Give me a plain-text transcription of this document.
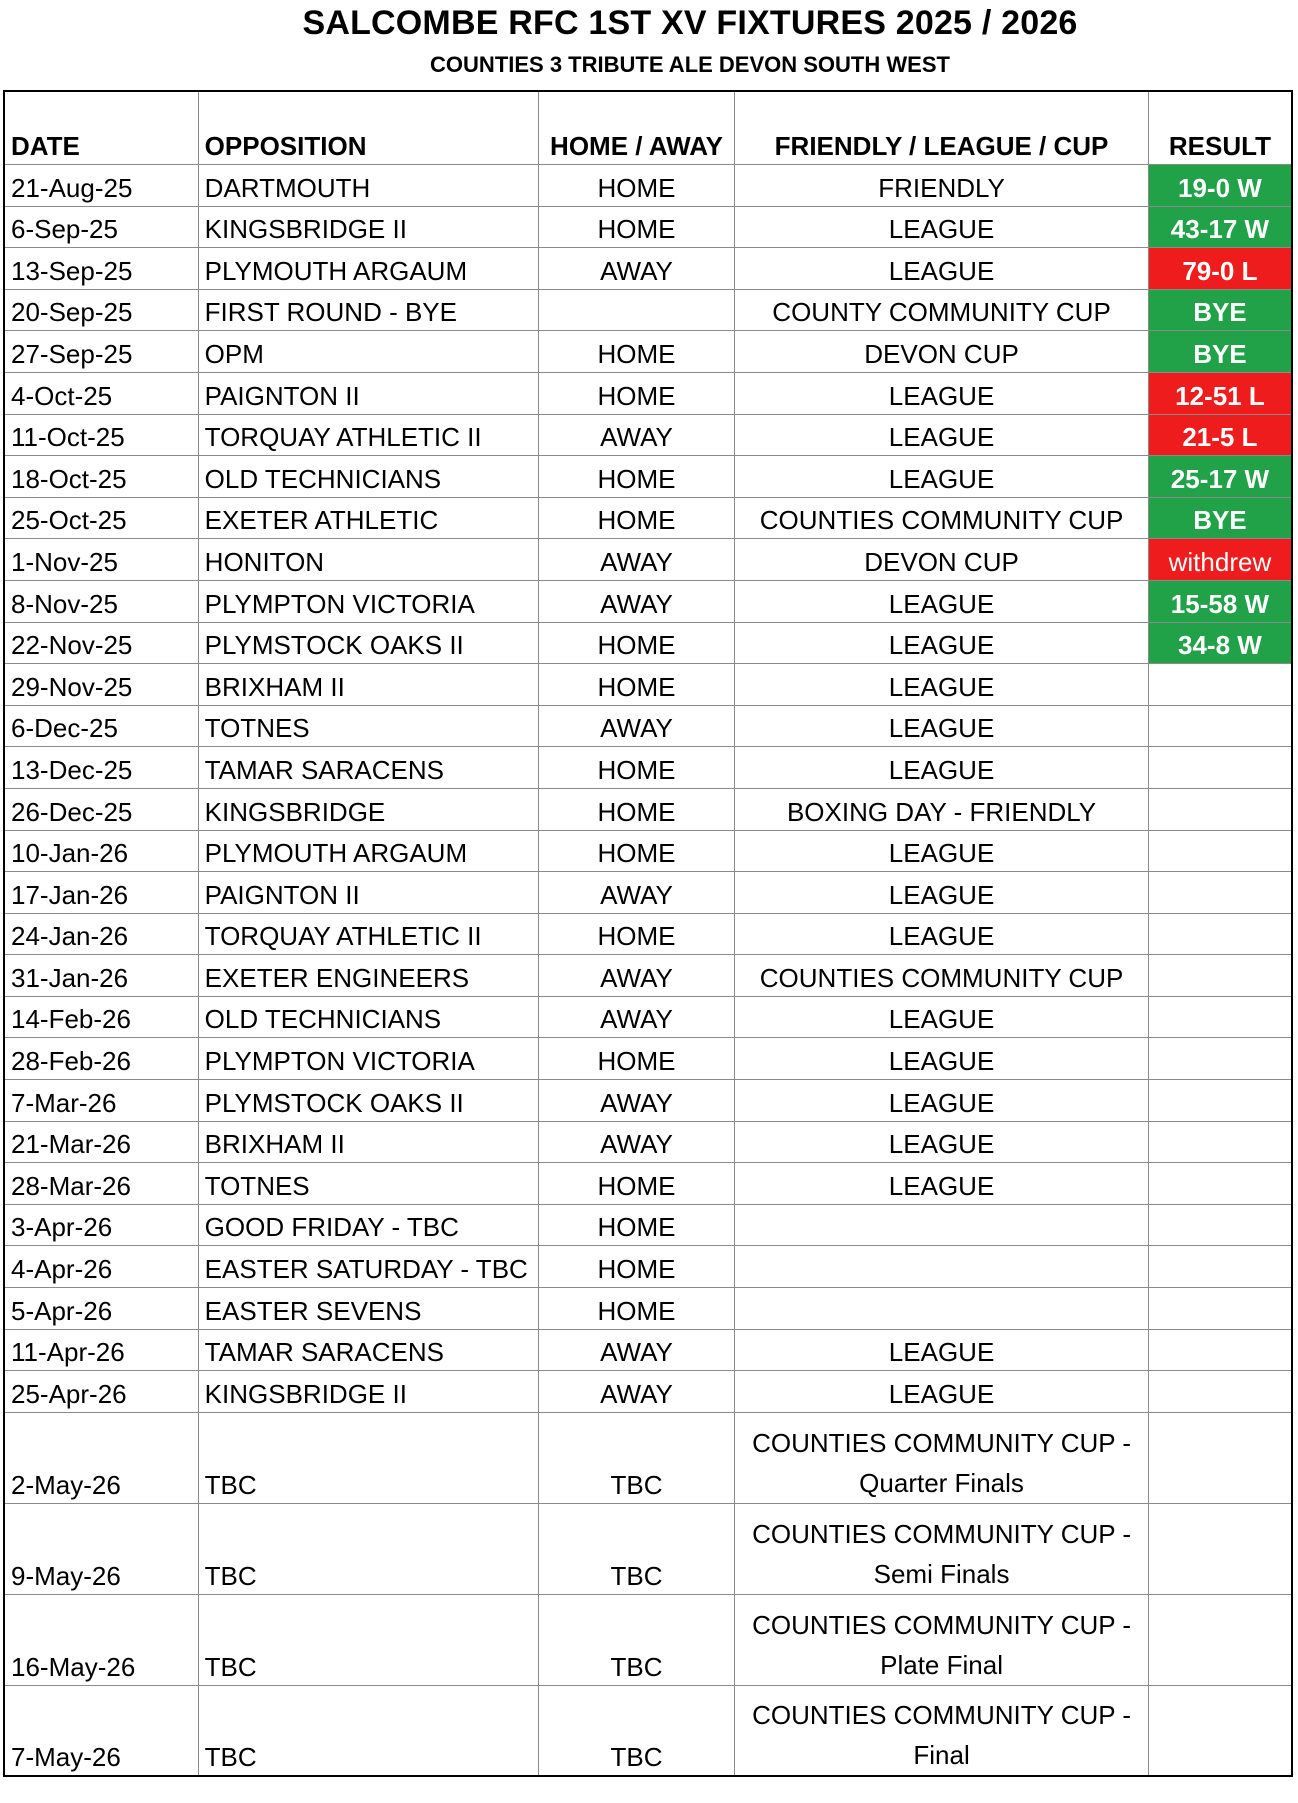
SALCOMBE RFC 1ST XV FIXTURES 2025 / 2026
COUNTIES 3 TRIBUTE ALE DEVON SOUTH WEST
DATE	OPPOSITION	HOME / AWAY	FRIENDLY / LEAGUE / CUP	RESULT
21-Aug-25	DARTMOUTH	HOME	FRIENDLY	19-0 W
6-Sep-25	KINGSBRIDGE II	HOME	LEAGUE	43-17 W
13-Sep-25	PLYMOUTH ARGAUM	AWAY	LEAGUE	79-0 L
20-Sep-25	FIRST ROUND - BYE		COUNTY COMMUNITY CUP	BYE
27-Sep-25	OPM	HOME	DEVON CUP	BYE
4-Oct-25	PAIGNTON II	HOME	LEAGUE	12-51 L
11-Oct-25	TORQUAY ATHLETIC II	AWAY	LEAGUE	21-5 L
18-Oct-25	OLD TECHNICIANS	HOME	LEAGUE	25-17 W
25-Oct-25	EXETER ATHLETIC	HOME	COUNTIES COMMUNITY CUP	BYE
1-Nov-25	HONITON	AWAY	DEVON CUP	withdrew
8-Nov-25	PLYMPTON VICTORIA	AWAY	LEAGUE	15-58 W
22-Nov-25	PLYMSTOCK OAKS II	HOME	LEAGUE	34-8 W
29-Nov-25	BRIXHAM II	HOME	LEAGUE	
6-Dec-25	TOTNES	AWAY	LEAGUE	
13-Dec-25	TAMAR SARACENS	HOME	LEAGUE	
26-Dec-25	KINGSBRIDGE	HOME	BOXING DAY - FRIENDLY	
10-Jan-26	PLYMOUTH ARGAUM	HOME	LEAGUE	
17-Jan-26	PAIGNTON II	AWAY	LEAGUE	
24-Jan-26	TORQUAY ATHLETIC II	HOME	LEAGUE	
31-Jan-26	EXETER ENGINEERS	AWAY	COUNTIES COMMUNITY CUP	
14-Feb-26	OLD TECHNICIANS	AWAY	LEAGUE	
28-Feb-26	PLYMPTON VICTORIA	HOME	LEAGUE	
7-Mar-26	PLYMSTOCK OAKS II	AWAY	LEAGUE	
21-Mar-26	BRIXHAM II	AWAY	LEAGUE	
28-Mar-26	TOTNES	HOME	LEAGUE	
3-Apr-26	GOOD FRIDAY - TBC	HOME		
4-Apr-26	EASTER SATURDAY - TBC	HOME		
5-Apr-26	EASTER SEVENS	HOME		
11-Apr-26	TAMAR SARACENS	AWAY	LEAGUE	
25-Apr-26	KINGSBRIDGE II	AWAY	LEAGUE	
2-May-26	TBC	TBC	COUNTIES COMMUNITY CUP -
Quarter Finals	

9-May-26	TBC	TBC	COUNTIES COMMUNITY CUP -
Semi Finals	

16-May-26	TBC	TBC	COUNTIES COMMUNITY CUP -
Plate Final	

7-May-26	TBC	TBC	COUNTIES COMMUNITY CUP -
Final	
